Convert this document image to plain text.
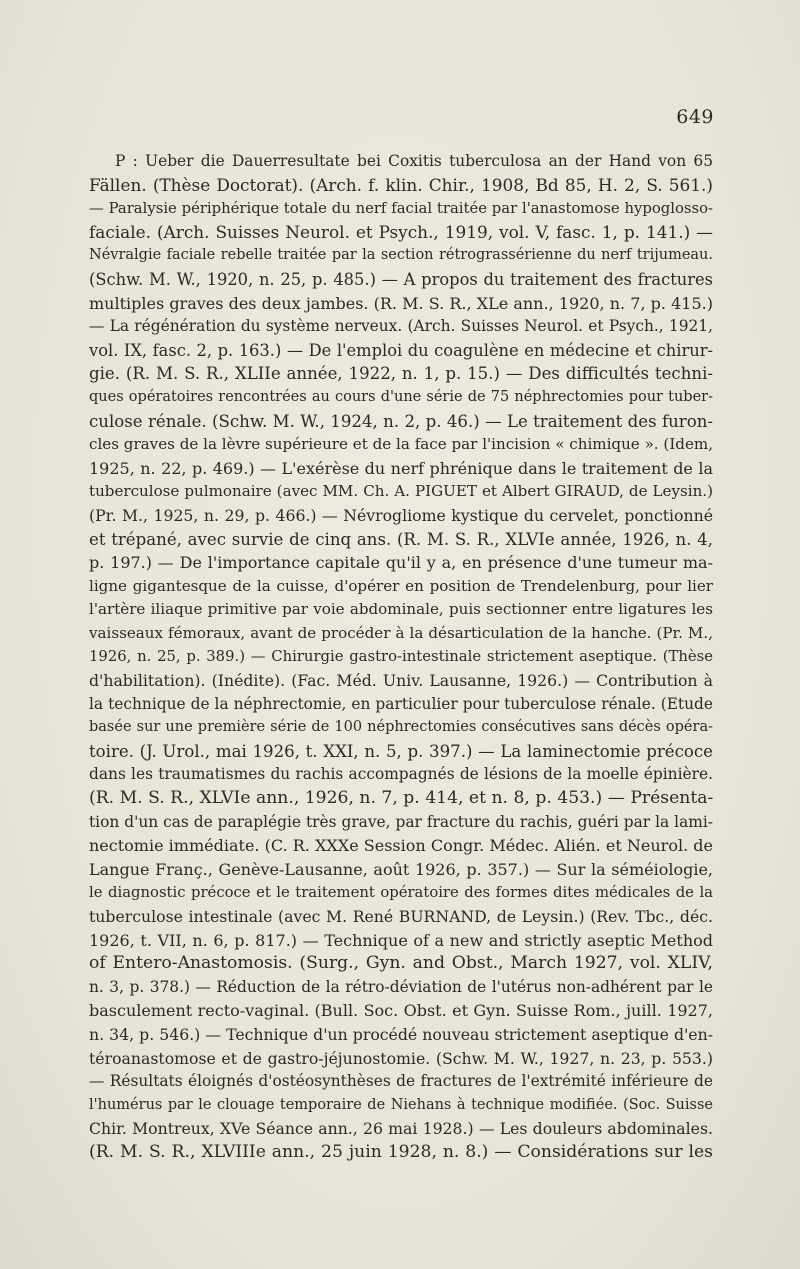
649
P : Ueber die Dauerresultate bei Coxitis tuberculosa an der Hand von 65
Fällen. (Thèse Doctorat). (Arch. f. klin. Chir., 1908, Bd 85, H. 2, S. 561.)
— Paralysie périphérique totale du nerf facial traitée par l'anastomose hypoglosso-
faciale. (Arch. Suisses Neurol. et Psych., 1919, vol. V, fasc. 1, p. 141.) —
Névralgie faciale rebelle traitée par la section rétrograssérienne du nerf trijumeau.
(Schw. M. W., 1920, n. 25, p. 485.) — A propos du traitement des fractures
multiples graves des deux jambes. (R. M. S. R., XLe ann., 1920, n. 7, p. 415.)
— La régénération du système nerveux. (Arch. Suisses Neurol. et Psych., 1921,
vol. IX, fasc. 2, p. 163.) — De l'emploi du coagulène en médecine et chirur-
gie. (R. M. S. R., XLIIe année, 1922, n. 1, p. 15.) — Des difficultés techni-
ques opératoires rencontrées au cours d'une série de 75 néphrectomies pour tuber-
culose rénale. (Schw. M. W., 1924, n. 2, p. 46.) — Le traitement des furon-
cles graves de la lèvre supérieure et de la face par l'incision « chimique ». (Idem,
1925, n. 22, p. 469.) — L'exérèse du nerf phrénique dans le traitement de la
tuberculose pulmonaire (avec MM. Ch. A. PIGUET et Albert GIRAUD, de Leysin.)
(Pr. M., 1925, n. 29, p. 466.) — Névrogliome kystique du cervelet, ponctionné
et trépané, avec survie de cinq ans. (R. M. S. R., XLVIe année, 1926, n. 4,
p. 197.) — De l'importance capitale qu'il y a, en présence d'une tumeur ma-
ligne gigantesque de la cuisse, d'opérer en position de Trendelenburg, pour lier
l'artère iliaque primitive par voie abdominale, puis sectionner entre ligatures les
vaisseaux fémoraux, avant de procéder à la désarticulation de la hanche. (Pr. M.,
1926, n. 25, p. 389.) — Chirurgie gastro-intestinale strictement aseptique. (Thèse
d'habilitation). (Inédite). (Fac. Méd. Univ. Lausanne, 1926.) — Contribution à
la technique de la néphrectomie, en particulier pour tuberculose rénale. (Etude
basée sur une première série de 100 néphrectomies consécutives sans décès opéra-
toire. (J. Urol., mai 1926, t. XXI, n. 5, p. 397.) — La laminectomie précoce
dans les traumatismes du rachis accompagnés de lésions de la moelle épinière.
(R. M. S. R., XLVIe ann., 1926, n. 7, p. 414, et n. 8, p. 453.) — Présenta-
tion d'un cas de paraplégie très grave, par fracture du rachis, guéri par la lami-
nectomie immédiate. (C. R. XXXe Session Congr. Médec. Alién. et Neurol. de
Langue Franç., Genève-Lausanne, août 1926, p. 357.) — Sur la séméiologie,
le diagnostic précoce et le traitement opératoire des formes dites médicales de la
tuberculose intestinale (avec M. René BURNAND, de Leysin.) (Rev. Tbc., déc.
1926, t. VII, n. 6, p. 817.) — Technique of a new and strictly aseptic Method
of Entero-Anastomosis. (Surg., Gyn. and Obst., March 1927, vol. XLIV,
n. 3, p. 378.) — Réduction de la rétro-déviation de l'utérus non-adhérent par le
basculement recto-vaginal. (Bull. Soc. Obst. et Gyn. Suisse Rom., juill. 1927,
n. 34, p. 546.) — Technique d'un procédé nouveau strictement aseptique d'en-
téroanastomose et de gastro-jéjunostomie. (Schw. M. W., 1927, n. 23, p. 553.)
— Résultats éloignés d'ostéosynthèses de fractures de l'extrémité inférieure de
l'humérus par le clouage temporaire de Niehans à technique modifiée. (Soc. Suisse
Chir. Montreux, XVe Séance ann., 26 mai 1928.) — Les douleurs abdominales.
(R. M. S. R., XLVIIIe ann., 25 juin 1928, n. 8.) — Considérations sur les
